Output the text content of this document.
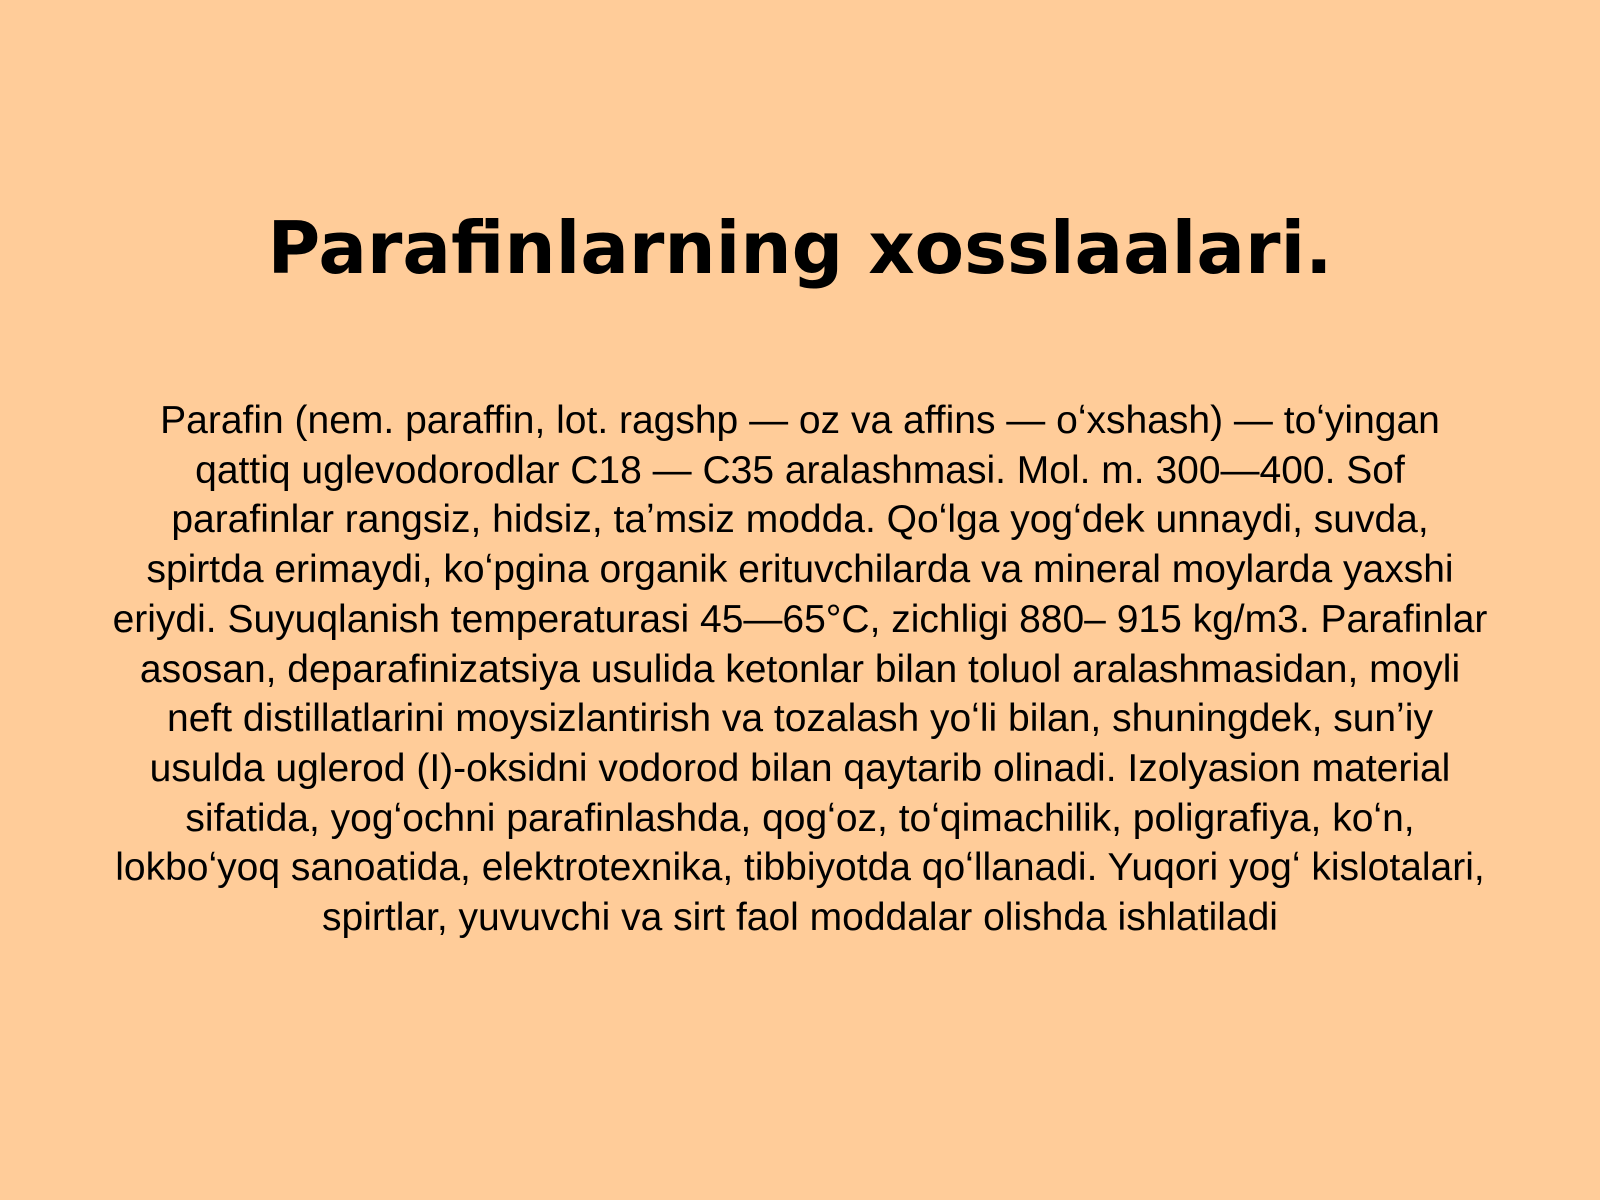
Parafinlarning xosslaalari.

Parafin (nem. paraffin, lot. ragshp — oz va affins — oʻxshash) — toʻyingan qattiq uglevodorodlar C18 — C35 aralashmasi. Mol. m. 300—400. Sof parafinlar rangsiz, hidsiz, taʼmsiz modda. Qoʻlga yogʻdek unnaydi, suvda, spirtda erimaydi, koʻpgina organik erituvchilarda va mineral moylarda yaxshi eriydi. Suyuqlanish temperaturasi 45—65°C, zichligi 880– 915 kg/m3. Parafinlar asosan, deparafinizatsiya usulida ketonlar bilan toluol aralashmasidan, moyli neft distillatlarini moysizlantirish va tozalash yoʻli bilan, shuningdek, sunʼiy usulda uglerod (I)-oksidni vodorod bilan qaytarib olinadi. Izolyasion material sifatida, yogʻochni parafinlashda, qogʻoz, toʻqimachilik, poligrafiya, koʻn, lokboʻyoq sanoatida, elektrotexnika, tibbiyotda qoʻllanadi. Yuqori yogʻ kislotalari, spirtlar, yuvuvchi va sirt faol moddalar olishda ishlatiladi
